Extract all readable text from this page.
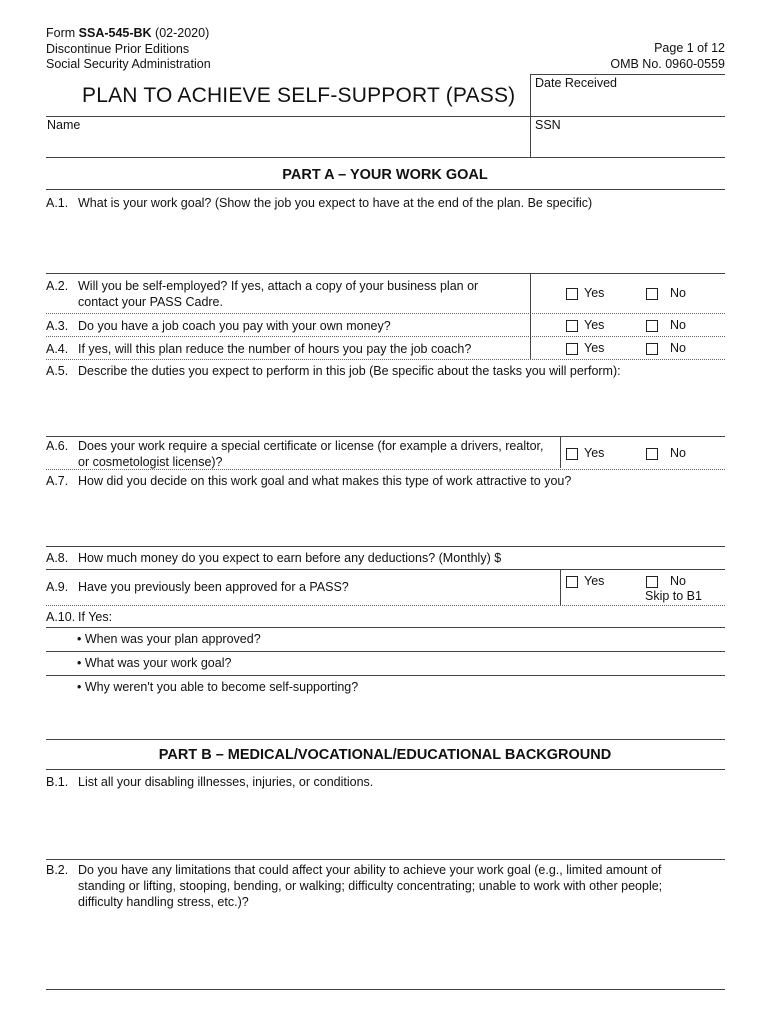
Form SSA-545-BK (02-2020)
Discontinue Prior Editions
Social Security Administration
Page 1 of 12
OMB No. 0960-0559
PLAN TO ACHIEVE SELF-SUPPORT (PASS)
Date Received
Name	SSN
PART A – YOUR WORK GOAL
A.1. What is your work goal? (Show the job you expect to have at the end of the plan. Be specific)
A.2. Will you be self-employed? If yes, attach a copy of your business plan or
contact your PASS Cadre.
Yes	No
A.3. Do you have a job coach you pay with your own money?	Yes	No
A.4. If yes, will this plan reduce the number of hours you pay the job coach?	Yes	No
A.5. Describe the duties you expect to perform in this job (Be specific about the tasks you will perform):
A.6. Does your work require a special certificate or license (for example a drivers, realtor,
or cosmetologist license)?
Yes	No
A.7. How did you decide on this work goal and what makes this type of work attractive to you?
A.8. How much money do you expect to earn before any deductions? (Monthly) $
A.9. Have you previously been approved for a PASS?	Yes	No
Skip to B1
A.10. If Yes:
• When was your plan approved?
• What was your work goal?
• Why weren't you able to become self-supporting?
PART B – MEDICAL/VOCATIONAL/EDUCATIONAL BACKGROUND
B.1. List all your disabling illnesses, injuries, or conditions.
B.2. Do you have any limitations that could affect your ability to achieve your work goal (e.g., limited amount of
standing or lifting, stooping, bending, or walking; difficulty concentrating; unable to work with other people;
difficulty handling stress, etc.)?
